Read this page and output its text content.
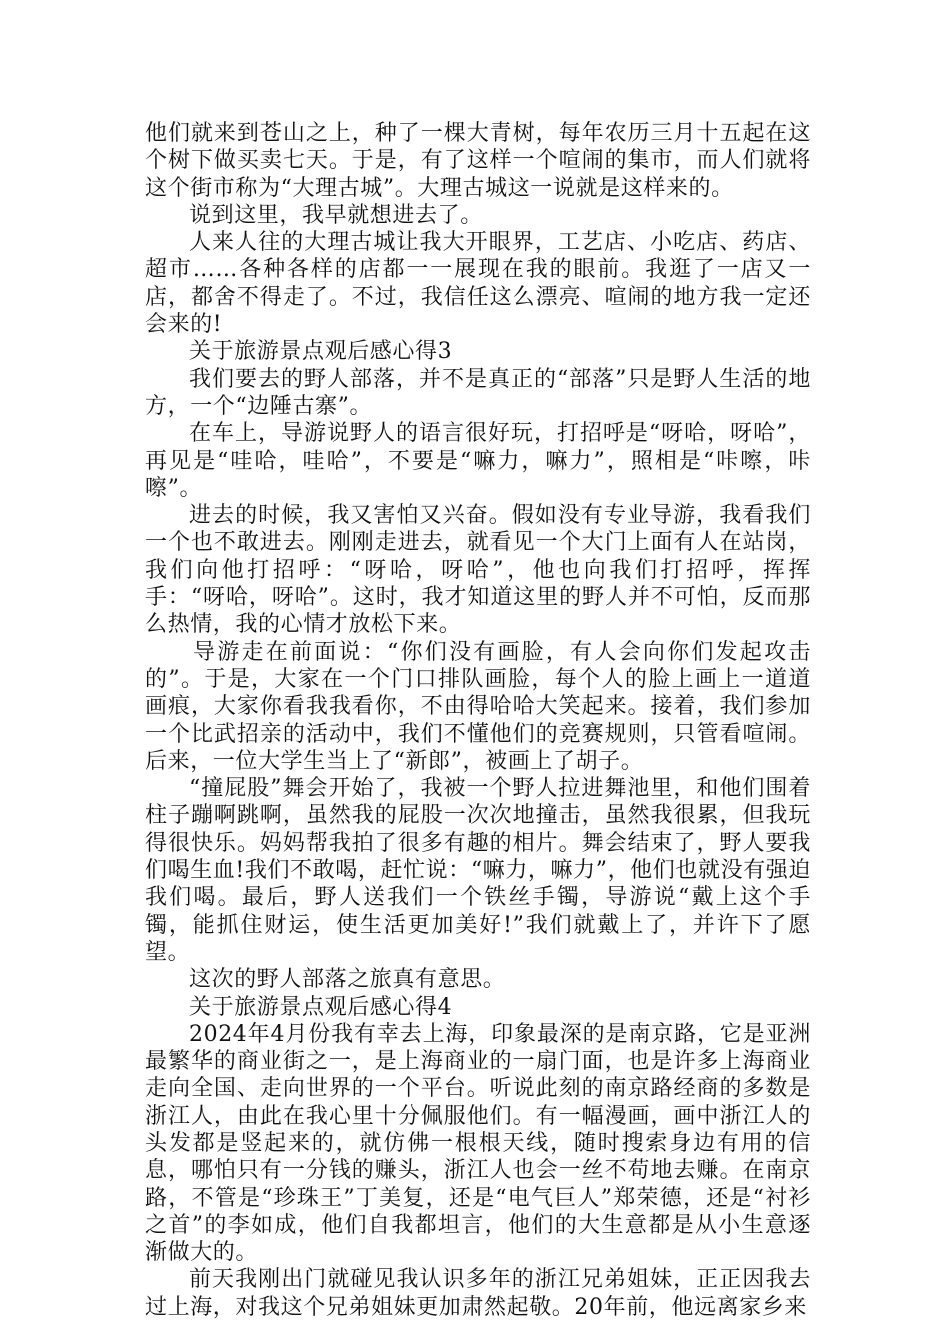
他们就来到苍山之上，种了一棵大青树，每年农历三月十五起在这个树下做买卖七天。于是，有了这样一个喧闹的集市，而人们就将这个街市称为“大理古城”。大理古城这一说就是这样来的。

说到这里，我早就想进去了。

人来人往的大理古城让我大开眼界，工艺店、小吃店、药店、超市……各种各样的店都一一展现在我的眼前。我逛了一店又一店，都舍不得走了。不过，我信任这么漂亮、喧闹的地方我一定还会来的!

关于旅游景点观后感心得3

我们要去的野人部落，并不是真正的“部落”只是野人生活的地方，一个“边陲古寨”。

在车上，导游说野人的语言很好玩，打招呼是“呀哈，呀哈”，再见是“哇哈，哇哈”，不要是“嘛力，嘛力”，照相是“咔嚓，咔嚓”。

进去的时候，我又害怕又兴奋。假如没有专业导游，我看我们一个也不敢进去。刚刚走进去，就看见一个大门上面有人在站岗，我们向他打招呼：“呀哈，呀哈”，他也向我们打招呼，挥挥手：“呀哈，呀哈”。这时，我才知道这里的野人并不可怕，反而那么热情，我的心情才放松下来。

导游走在前面说：“你们没有画脸，有人会向你们发起攻击的”。于是，大家在一个门口排队画脸，每个人的脸上画上一道道画痕，大家你看我我看你，不由得哈哈大笑起来。接着，我们参加一个比武招亲的活动中，我们不懂他们的竞赛规则，只管看喧闹。后来，一位大学生当上了“新郎”，被画上了胡子。

“撞屁股”舞会开始了，我被一个野人拉进舞池里，和他们围着柱子蹦啊跳啊，虽然我的屁股一次次地撞击，虽然我很累，但我玩得很快乐。妈妈帮我拍了很多有趣的相片。舞会结束了，野人要我们喝生血!我们不敢喝，赶忙说：“嘛力，嘛力”，他们也就没有强迫我们喝。最后，野人送我们一个铁丝手镯，导游说“戴上这个手镯，能抓住财运，使生活更加美好!”我们就戴上了，并许下了愿望。

这次的野人部落之旅真有意思。

关于旅游景点观后感心得4

2024年4月份我有幸去上海，印象最深的是南京路，它是亚洲最繁华的商业街之一，是上海商业的一扇门面，也是许多上海商业走向全国、走向世界的一个平台。听说此刻的南京路经商的多数是浙江人，由此在我心里十分佩服他们。有一幅漫画，画中浙江人的头发都是竖起来的，就仿佛一根根天线，随时搜索身边有用的信息，哪怕只有一分钱的赚头，浙江人也会一丝不苟地去赚。在南京路，不管是“珍珠王”丁美复，还是“电气巨人”郑荣德，还是“衬衫之首”的李如成，他们自我都坦言，他们的大生意都是从小生意逐渐做大的。

前天我刚出门就碰见我认识多年的浙江兄弟姐妹，正正因我去过上海，对我这个兄弟姐妹更加肃然起敬。20年前，他远离家乡来
